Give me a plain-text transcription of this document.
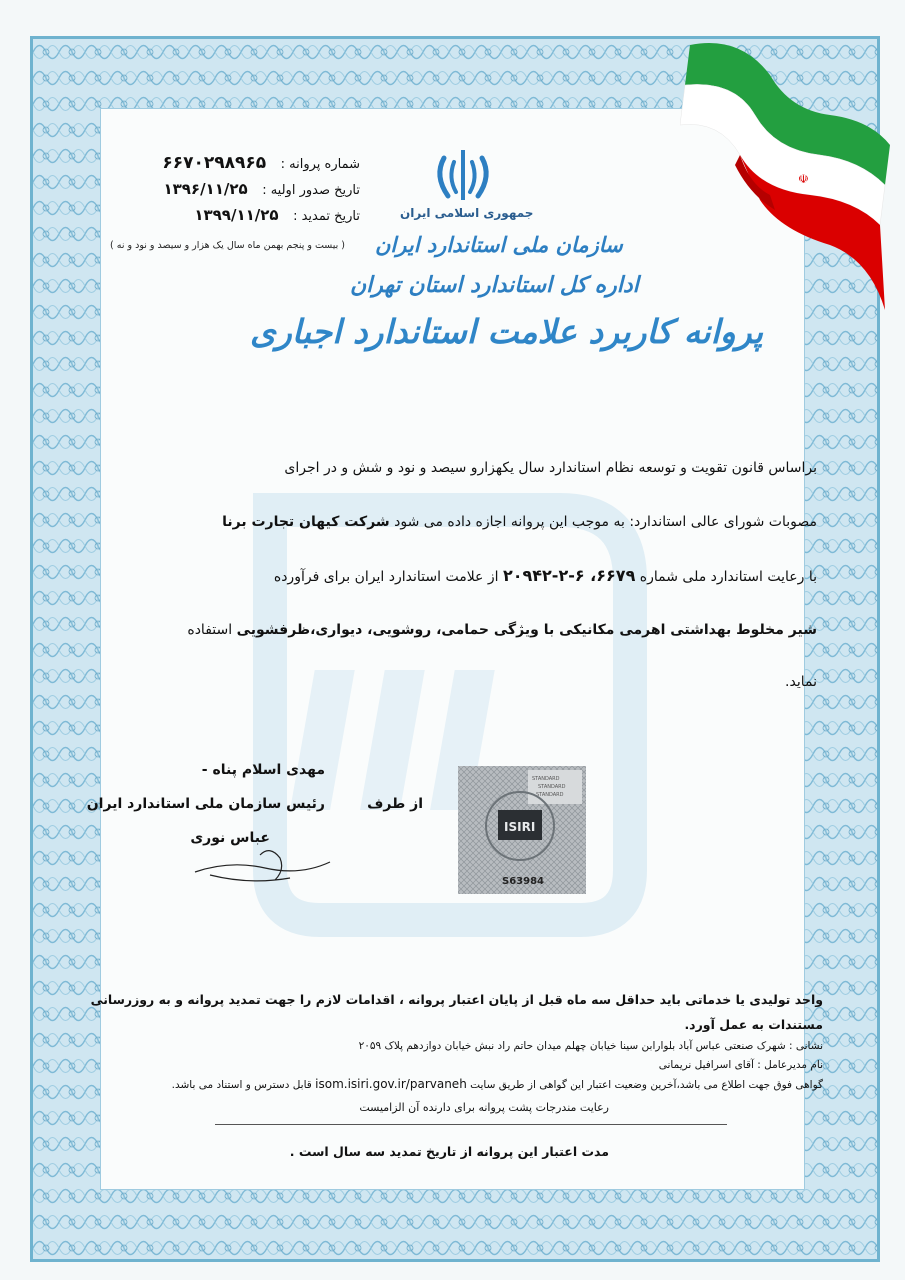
☫
جمهوری اسلامی ایران
سازمان ملی استاندارد ایران
اداره کل استاندارد استان تهران
پروانه کاربرد علامت استاندارد اجباری
شماره پروانه : ۶۶۷۰۲۹۸۹۶۵
تاریخ صدور اولیه : ۱۳۹۶/۱۱/۲۵
تاریخ تمدید : ۱۳۹۹/۱۱/۲۵
( بیست و پنجم بهمن ماه سال یک هزار و سیصد و نود و نه )
براساس قانون تقویت و توسعه نظام استاندارد سال یکهزارو سیصد و نود و شش و در اجرای
مصوبات شورای عالی استاندارد: به موجب این پروانه اجازه داده می شود شرکت کیهان تجارت برنا
با رعایت استاندارد ملی شماره ۶۶۷۹، ۶-۲-۲۰۹۴۲ از علامت استاندارد ایران برای فرآورده
شیر مخلوط بهداشتی اهرمی مکانیکی با ویژگی حمامی، روشویی، دیواری،ظرفشویی استفاده
نماید.
مهدی اسلام پناه -
از طرف
رئیس سازمان ملی استاندارد ایران
عباس نوری
STANDARD
STANDARD
STANDARD
ISIRI
S63984
واحد تولیدی یا خدماتی باید حداقل سه ماه قبل از پایان اعتبار پروانه ، اقدامات لازم را جهت تمدید پروانه و به روزرسانی
مستندات به عمل آورد.
نشانی : شهرک صنعتی عباس آباد بلوارابن سینا خیابان چهلم میدان حاتم راد نبش خیابان دوازدهم پلاک ۲۰۵۹
نام مدیرعامل : آقای اسرافیل نریمانی
گواهی فوق جهت اطلاع می باشد،آخرین وضعیت اعتبار این گواهی از طریق سایت isom.isiri.gov.ir/parvaneh قابل دسترس و استناد می باشد.
رعایت مندرجات پشت پروانه برای دارنده آن الزامیست
مدت اعتبار این پروانه از تاریخ تمدید سه سال است .
